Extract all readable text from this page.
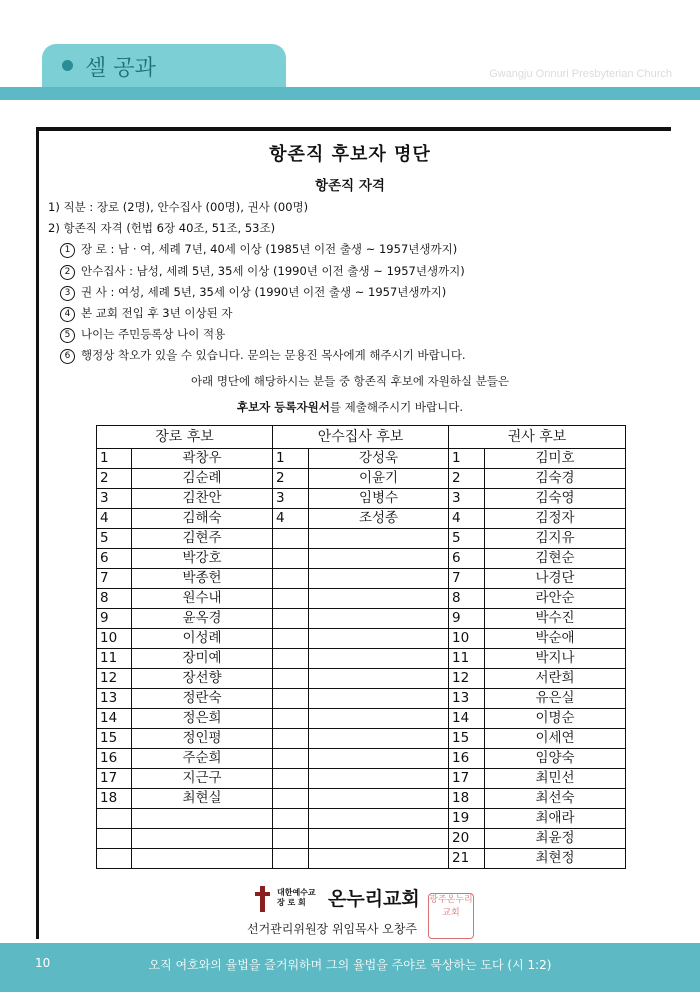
셀 공과	Gwangju Onnuri Presbyterian Church
항존직 후보자 명단
항존직 자격
1) 직분 : 장로 (2명), 안수집사 (00명), 권사 (00명)
2) 항존직 자격 (헌법 6장 40조, 51조, 53조)
1 장 로 : 남 · 여, 세례 7년, 40세 이상 (1985년 이전 출생 ~ 1957년생까지)
2 안수집사 : 남성, 세례 5년, 35세 이상 (1990년 이전 출생 ~ 1957년생까지)
3 권 사 : 여성, 세례 5년, 35세 이상 (1990년 이전 출생 ~ 1957년생까지)
4 본 교회 전입 후 3년 이상된 자
5 나이는 주민등록상 나이 적용
6 행정상 착오가 있을 수 있습니다. 문의는 문용진 목사에게 해주시기 바랍니다.
아래 명단에 해당하시는 분들 중 항존직 후보에 자원하실 분들은
후보자 등록자원서를 제출해주시기 바랍니다.
장로 후보		안수집사 후보		권사 후보	
1	곽창우	1	강성욱	1	김미호
2	김순례	2	이윤기	2	김숙경
3	김찬안	3	임병수	3	김숙영
4	김해숙	4	조성종	4	김정자
5	김현주			5	김지유
6	박강호			6	김현순
7	박종헌			7	나경단
8	원수내			8	라안순
9	윤옥경			9	박수진
10	이성례			10	박순애
11	장미예			11	박지나
12	장선향			12	서란희
13	정란숙			13	유은실
14	정은희			14	이명순
15	정인평			15	이세연
16	주순희			16	임양숙
17	지근구			17	최민선
18	최현실			18	최선숙
				19	최애라
				20	최윤정
				21	최현정
대한예수교
장 로 회	온누리교회 광주온누리교회
선거관리위원장 위임목사 오창주
10	오직 여호와의 율법을 즐거워하며 그의 율법을 주야로 묵상하는 도다 (시 1:2)
